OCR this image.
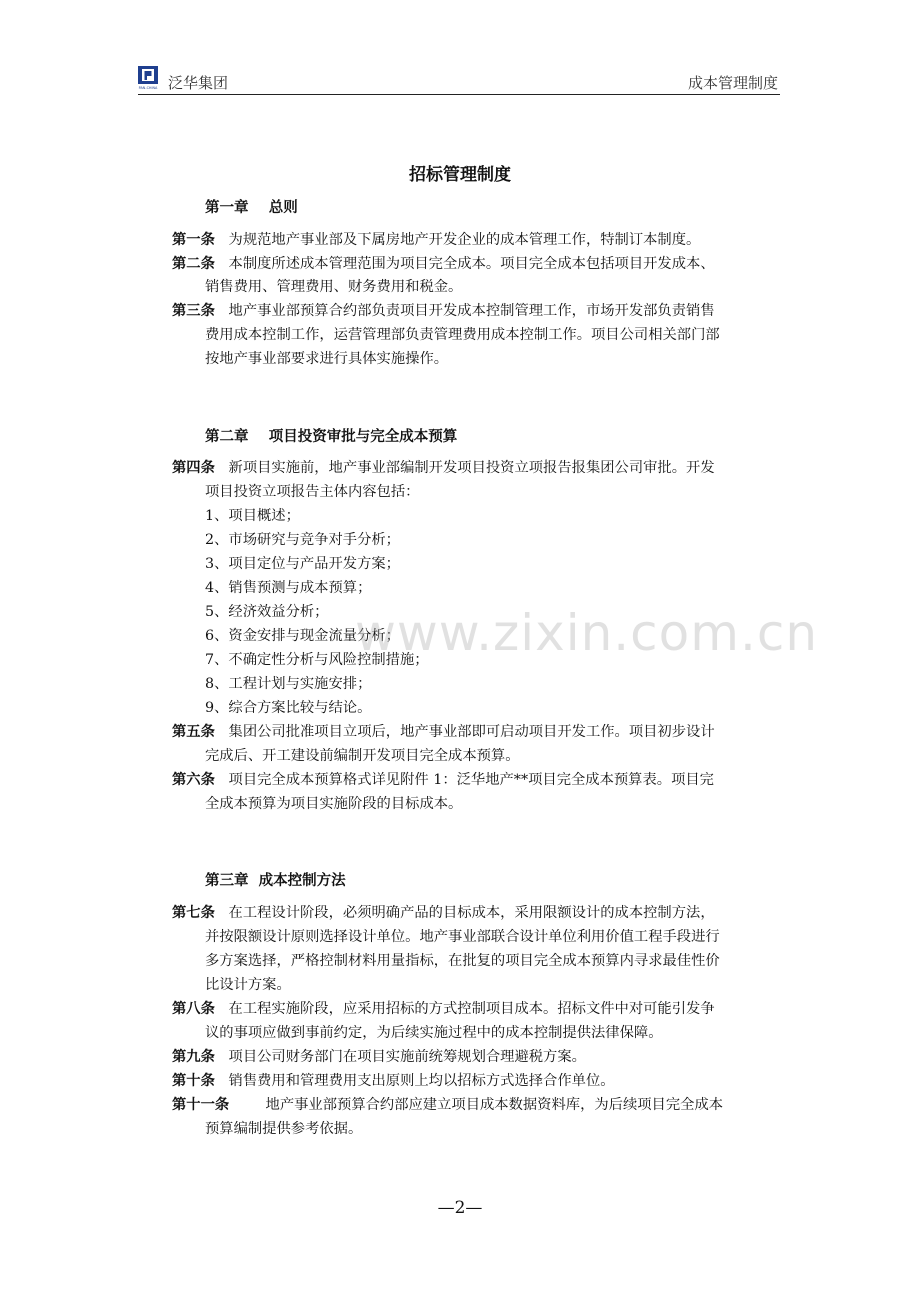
PAN-CHINA 泛华集团	成本管理制度
招标管理制度
第一章    总则
第一条 为规范地产事业部及下属房地产开发企业的成本管理工作，特制订本制度。
第二条 本制度所述成本管理范围为项目完全成本。项目完全成本包括项目开发成本、
销售费用、管理费用、财务费用和税金。
第三条 地产事业部预算合约部负责项目开发成本控制管理工作，市场开发部负责销售
费用成本控制工作，运营管理部负责管理费用成本控制工作。项目公司相关部门部
按地产事业部要求进行具体实施操作。
第二章    项目投资审批与完全成本预算
第四条 新项目实施前，地产事业部编制开发项目投资立项报告报集团公司审批。开发
项目投资立项报告主体内容包括：
1、项目概述；
2、市场研究与竞争对手分析；
3、项目定位与产品开发方案；
4、销售预测与成本预算；
5、经济效益分析；
6、资金安排与现金流量分析；
7、不确定性分析与风险控制措施；
8、工程计划与实施安排；
9、综合方案比较与结论。
第五条 集团公司批准项目立项后，地产事业部即可启动项目开发工作。项目初步设计
完成后、开工建设前编制开发项目完全成本预算。
第六条 项目完全成本预算格式详见附件 1：泛华地产**项目完全成本预算表。项目完
全成本预算为项目实施阶段的目标成本。
第三章  成本控制方法
第七条 在工程设计阶段，必须明确产品的目标成本，采用限额设计的成本控制方法，
并按限额设计原则选择设计单位。地产事业部联合设计单位利用价值工程手段进行
多方案选择，严格控制材料用量指标，在批复的项目完全成本预算内寻求最佳性价
比设计方案。
第八条 在工程实施阶段，应采用招标的方式控制项目成本。招标文件中对可能引发争
议的事项应做到事前约定，为后续实施过程中的成本控制提供法律保障。
第九条 项目公司财务部门在项目实施前统筹规划合理避税方案。
第十条 销售费用和管理费用支出原则上均以招标方式选择合作单位。
第十一条	地产事业部预算合约部应建立项目成本数据资料库，为后续项目完全成本
预算编制提供参考依据。
www.zixin.com.cn
—2—
